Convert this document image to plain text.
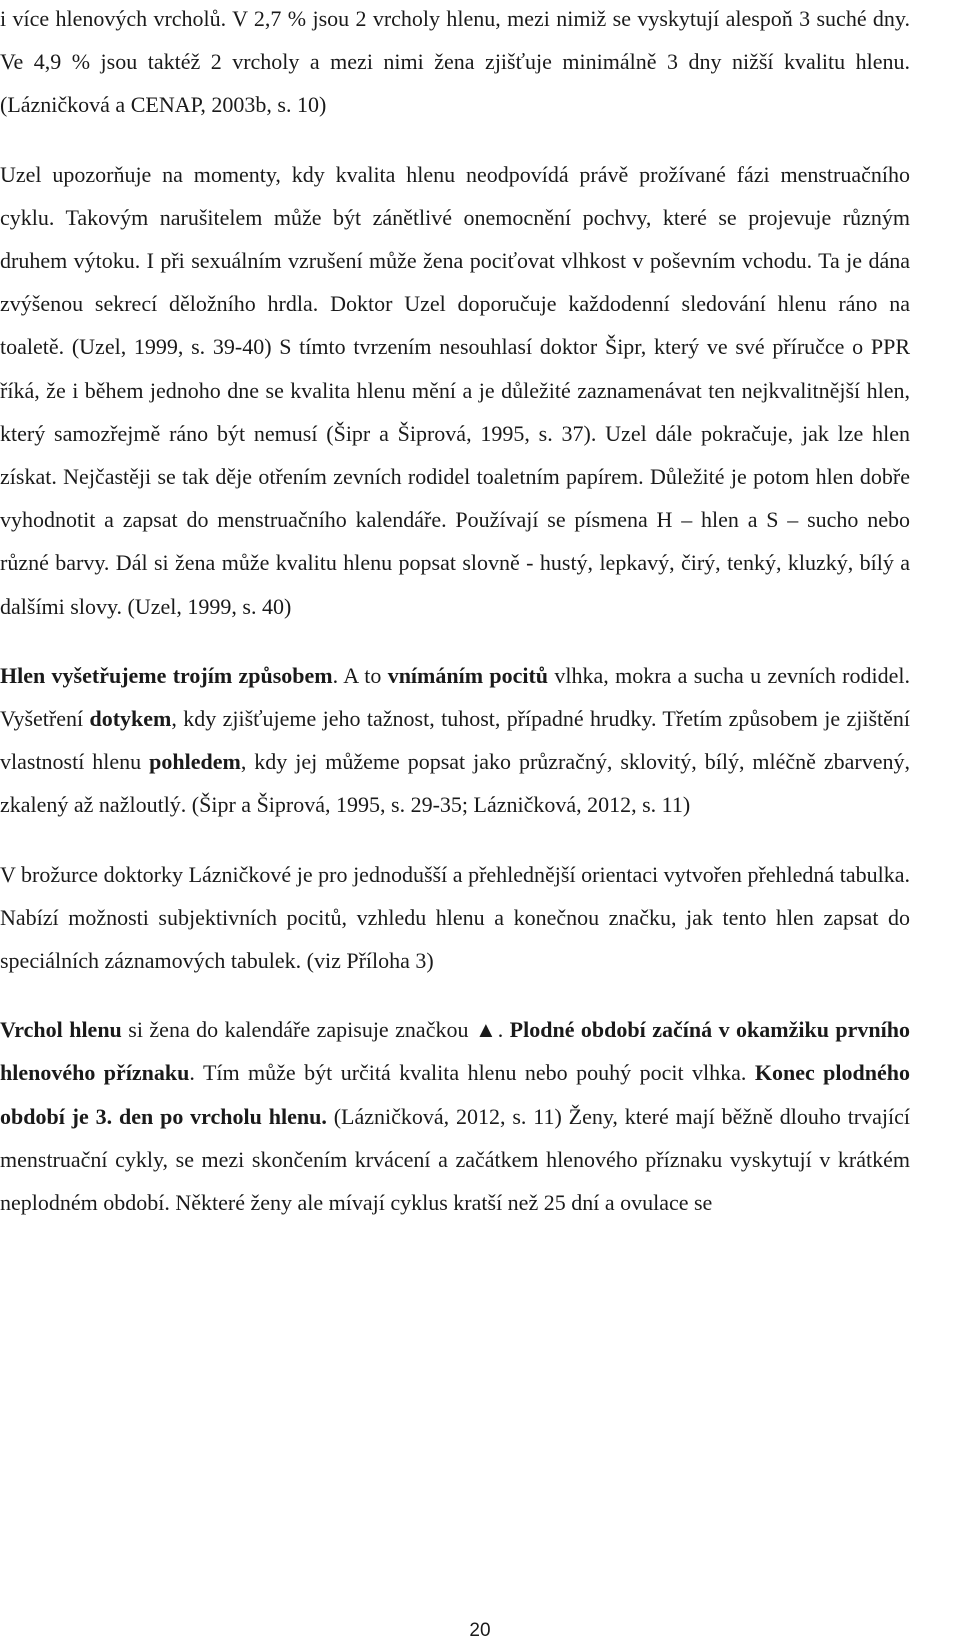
i více hlenových vrcholů. V 2,7 % jsou 2 vrcholy hlenu, mezi nimiž se vyskytují alespoň 3 suché dny. Ve 4,9 % jsou taktéž 2 vrcholy a mezi nimi žena zjišťuje minimálně 3 dny nižší kvalitu hlenu. (Lázničková a CENAP, 2003b, s. 10)

Uzel upozorňuje na momenty, kdy kvalita hlenu neodpovídá právě prožívané fázi menstruačního cyklu. Takovým narušitelem může být zánětlivé onemocnění pochvy, které se projevuje různým druhem výtoku. I při sexuálním vzrušení může žena pociťovat vlhkost v poševním vchodu. Ta je dána zvýšenou sekrecí děložního hrdla. Doktor Uzel doporučuje každodenní sledování hlenu ráno na toaletě. (Uzel, 1999, s. 39-40) S tímto tvrzením nesouhlasí doktor Šipr, který ve své příručce o PPR říká, že i během jednoho dne se kvalita hlenu mění a je důležité zaznamenávat ten nejkvalitnější hlen, který samozřejmě ráno být nemusí (Šipr a Šiprová, 1995, s. 37). Uzel dále pokračuje, jak lze hlen získat. Nejčastěji se tak děje otřením zevních rodidel toaletním papírem. Důležité je potom hlen dobře vyhodnotit a zapsat do menstruačního kalendáře. Používají se písmena H – hlen a S – sucho nebo různé barvy. Dál si žena může kvalitu hlenu popsat slovně - hustý, lepkavý, čirý, tenký, kluzký, bílý a dalšími slovy. (Uzel, 1999, s. 40)

Hlen vyšetřujeme trojím způsobem. A to vnímáním pocitů vlhka, mokra a sucha u zevních rodidel. Vyšetření dotykem, kdy zjišťujeme jeho tažnost, tuhost, případné hrudky. Třetím způsobem je zjištění vlastností hlenu pohledem, kdy jej můžeme popsat jako průzračný, sklovitý, bílý, mléčně zbarvený, zkalený až nažloutlý. (Šipr a Šiprová, 1995, s. 29-35; Lázničková, 2012, s. 11)

V brožurce doktorky Lázničkové je pro jednodušší a přehlednější orientaci vytvořen přehledná tabulka. Nabízí možnosti subjektivních pocitů, vzhledu hlenu a konečnou značku, jak tento hlen zapsat do speciálních záznamových tabulek. (viz Příloha 3)

Vrchol hlenu si žena do kalendáře zapisuje značkou ▲. Plodné období začíná v okamžiku prvního hlenového příznaku. Tím může být určitá kvalita hlenu nebo pouhý pocit vlhka. Konec plodného období je 3. den po vrcholu hlenu. (Lázničková, 2012, s. 11) Ženy, které mají běžně dlouho trvající menstruační cykly, se mezi skončením krvácení a začátkem hlenového příznaku vyskytují v krátkém neplodném období. Některé ženy ale mívají cyklus kratší než 25 dní a ovulace se

20
